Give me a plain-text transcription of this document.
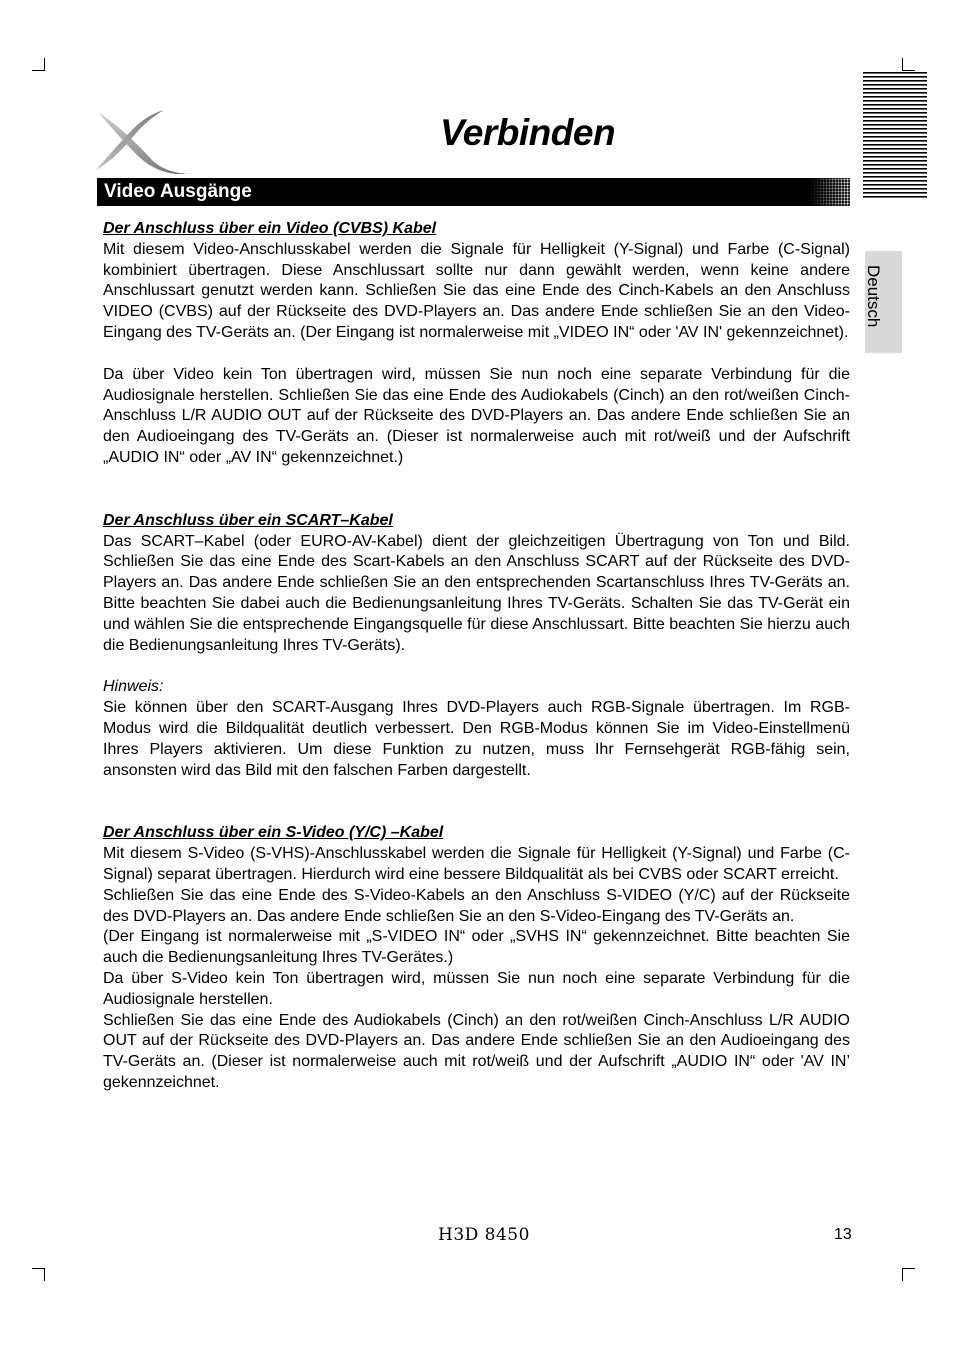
Verbinden
Video Ausgänge
Deutsch
Der Anschluss über ein Video (CVBS) Kabel

Mit diesem Video-Anschlusskabel werden die Signale für Helligkeit (Y-Signal) und Farbe (C-Signal) kombiniert übertragen. Diese Anschlussart sollte nur dann gewählt werden, wenn keine andere Anschlussart genutzt werden kann. Schließen Sie das eine Ende des Cinch-Kabels an den Anschluss VIDEO (CVBS) auf der Rückseite des DVD-Players an. Das andere Ende schließen Sie an den Video-Eingang des TV-Geräts an. (Der Eingang ist normalerweise mit „VIDEO IN“ oder 'AV IN' gekennzeichnet).

Da über Video kein Ton übertragen wird, müssen Sie nun noch eine separate Verbindung für die Audiosignale herstellen. Schließen Sie das eine Ende des Audiokabels (Cinch) an den rot/weißen Cinch-Anschluss L/R AUDIO OUT auf der Rückseite des DVD-Players an. Das andere Ende schließen Sie an den Audioeingang des TV-Geräts an. (Dieser ist normalerweise auch mit rot/weiß und der Aufschrift „AUDIO IN“ oder „AV IN“ gekennzeichnet.)

Der Anschluss über ein SCART–Kabel

Das SCART–Kabel (oder EURO-AV-Kabel) dient der gleichzeitigen Übertragung von Ton und Bild. Schließen Sie das eine Ende des Scart-Kabels an den Anschluss SCART auf der Rückseite des DVD-Players an. Das andere Ende schließen Sie an den entsprechenden Scartanschluss Ihres TV-Geräts an. Bitte beachten Sie dabei auch die Bedienungsanleitung Ihres TV-Geräts. Schalten Sie das TV-Gerät ein und wählen Sie die entsprechende Eingangsquelle für diese Anschlussart. Bitte beachten Sie hierzu auch die Bedienungsanleitung Ihres TV-Geräts).

Hinweis:

Sie können über den SCART-Ausgang Ihres DVD-Players auch RGB-Signale übertragen. Im RGB-Modus wird die Bildqualität deutlich verbessert. Den RGB-Modus können Sie im Video-Einstellmenü Ihres Players aktivieren. Um diese Funktion zu nutzen, muss Ihr Fernsehgerät RGB-fähig sein, ansonsten wird das Bild mit den falschen Farben dargestellt.

Der Anschluss über ein S-Video (Y/C) –Kabel

Mit diesem S-Video (S-VHS)-Anschlusskabel werden die Signale für Helligkeit (Y-Signal) und Farbe (C-Signal) separat übertragen. Hierdurch wird eine bessere Bildqualität als bei CVBS oder SCART erreicht.

Schließen Sie das eine Ende des S-Video-Kabels an den Anschluss S-VIDEO (Y/C) auf der Rückseite des DVD-Players an. Das andere Ende schließen Sie an den S-Video-Eingang des TV-Geräts an.

(Der Eingang ist normalerweise mit „S-VIDEO IN“ oder „SVHS IN“ gekennzeichnet. Bitte beachten Sie auch die Bedienungsanleitung Ihres TV-Gerätes.)

Da über S-Video kein Ton übertragen wird, müssen Sie nun noch eine separate Verbindung für die Audiosignale herstellen.

Schließen Sie das eine Ende des Audiokabels (Cinch) an den rot/weißen Cinch-Anschluss L/R AUDIO OUT auf der Rückseite des DVD-Players an. Das andere Ende schließen Sie an den Audioeingang des TV-Geräts an. (Dieser ist normalerweise auch mit rot/weiß und der Aufschrift „AUDIO IN“ oder 'AV IN’ gekennzeichnet.

H3D 8450	13
